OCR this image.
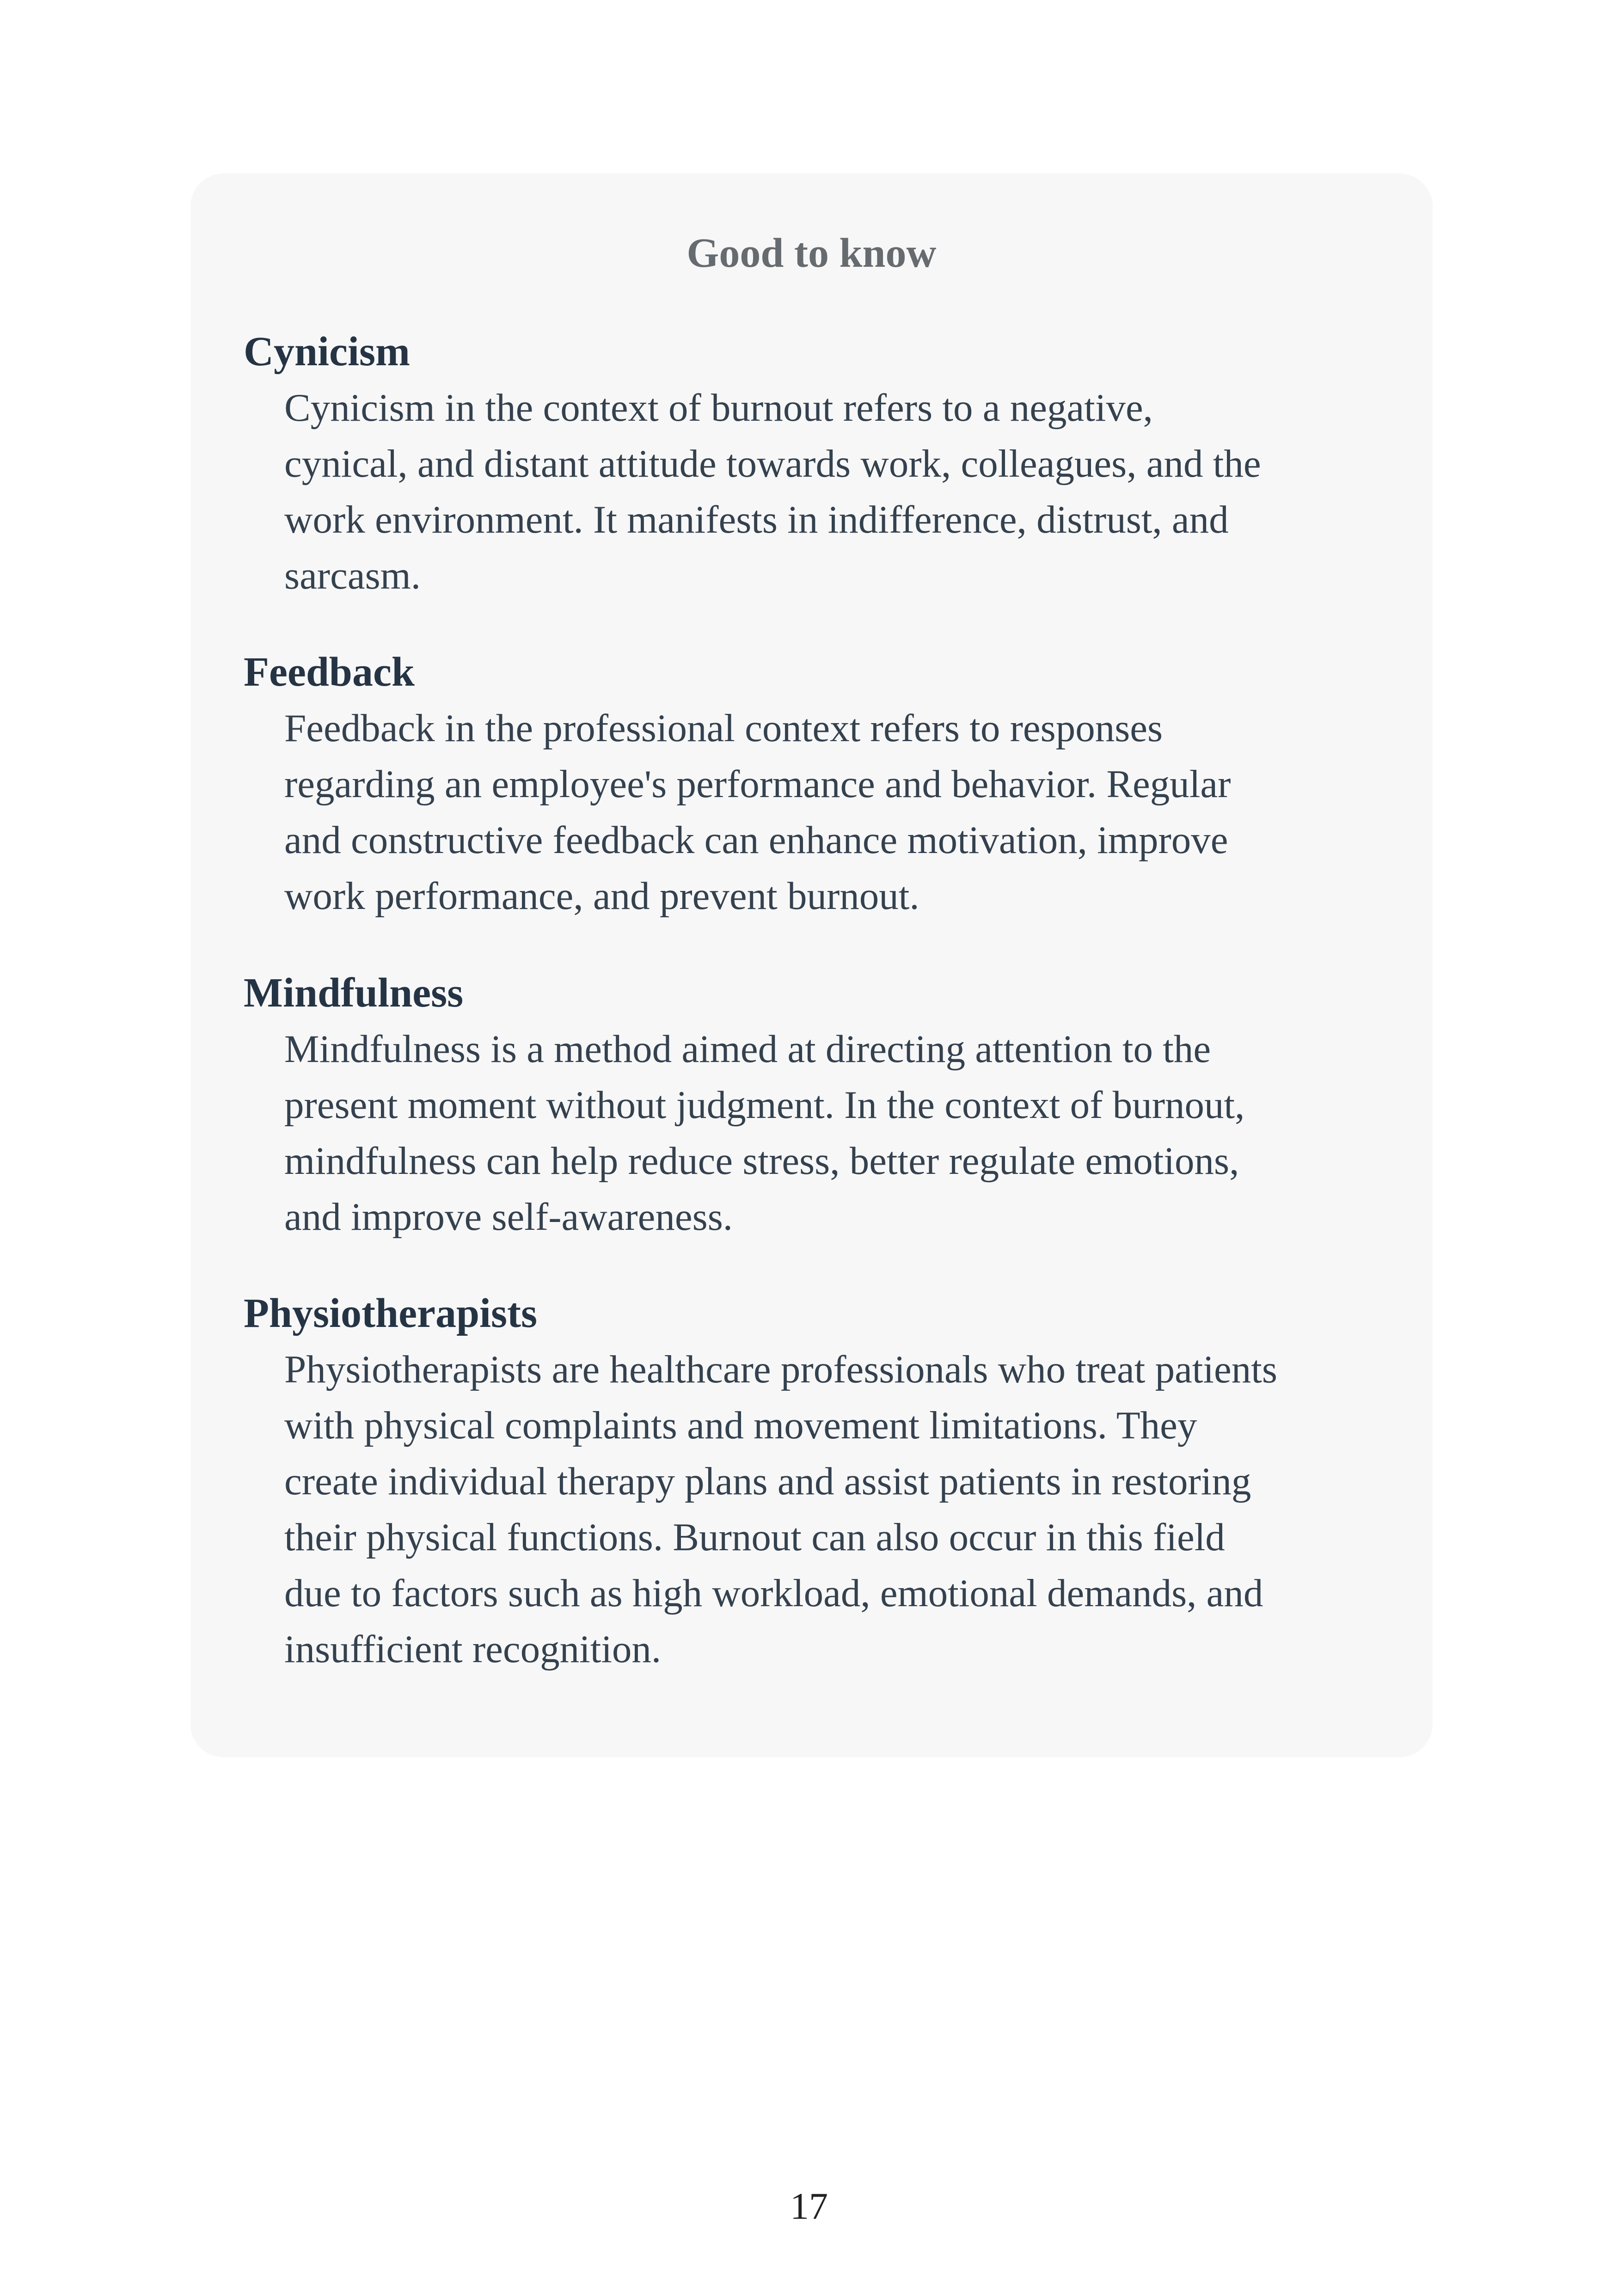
Good to know

Cynicism

Cynicism in the context of burnout refers to a negative,
cynical, and distant attitude towards work, colleagues, and the
work environment. It manifests in indifference, distrust, and
sarcasm.

Feedback

Feedback in the professional context refers to responses
regarding an employee's performance and behavior. Regular
and constructive feedback can enhance motivation, improve
work performance, and prevent burnout.

Mindfulness

Mindfulness is a method aimed at directing attention to the
present moment without judgment. In the context of burnout,
mindfulness can help reduce stress, better regulate emotions,
and improve self-awareness.

Physiotherapists

Physiotherapists are healthcare professionals who treat patients
with physical complaints and movement limitations. They
create individual therapy plans and assist patients in restoring
their physical functions. Burnout can also occur in this field
due to factors such as high workload, emotional demands, and
insufficient recognition.

17
